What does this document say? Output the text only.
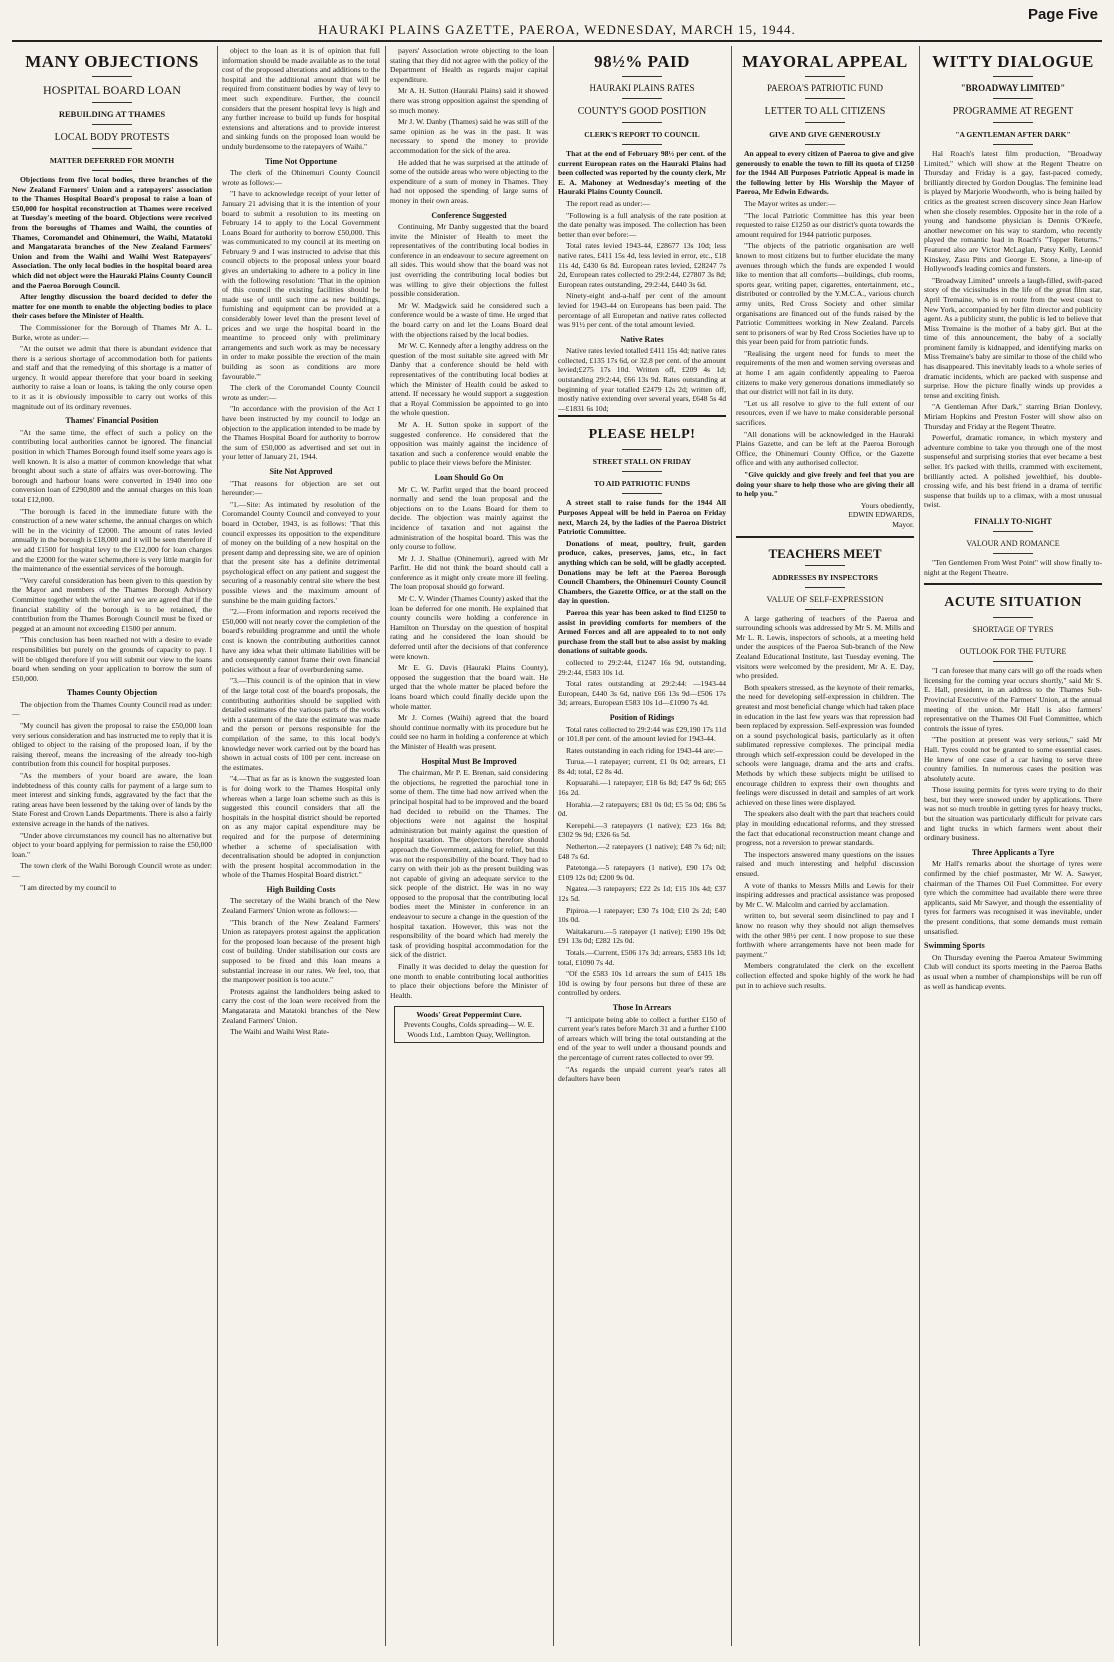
HAURAKI PLAINS GAZETTE, PAEROA, WEDNESDAY, MARCH 15, 1944.
Page Five
MANY OBJECTIONS
HOSPITAL BOARD LOAN
REBUILDING AT THAMES
LOCAL BODY PROTESTS
MATTER DEFERRED FOR MONTH

Objections from five local bodies, three branches of the New Zealand Farmers' Union and a ratepayers' association to the Thames Hospital Board's proposal to raise a loan of £50,000 for hospital reconstruction at Thames were received at Tuesday's meeting of the board. Objections were received from the boroughs of Thames and Waihi, the counties of Thames, Coromandel and Ohinemuri, the Waihi, Matatoki and Mangatarata branches of the New Zealand Farmers' Union and from the Waihi and Waihi West Ratepayers' Association. The only local bodies in the hospital board area which did not object were the Hauraki Plains County Council and the Paeroa Borough Council.

After lengthy discussion the board decided to defer the matter for one month to enable the objecting bodies to place their cases before the Minister of Health.

The Commissioner for the Borough of Thames Mr A. L. Burke, wrote as under:—

"At the outset we admit that there is abundant evidence that there is a serious shortage of accommodation both for patients and staff and that the remedying of this shortage is a matter of urgency. It would appear therefore that your board in seeking authority to raise a loan or loans, is taking the only course open to it as it is obviously impossible to carry out works of this magnitude out of its ordinary revenues.

Thames' Financial Position

"At the same time, the effect of such a policy on the contributing local authorities cannot be ignored. The financial position in which Thames Borough found itself some years ago is well known. It is also a matter of common knowledge that what brought about such a state of affairs was over-borrowing. The borough and harbour loans were converted in 1940 into one conversion loan of £290,800 and the annual charges on this loan total £12,000.

"The borough is faced in the immediate future with the construction of a new water scheme, the annual charges on which will be in the vicinity of £2000. The amount of rates levied annually in the borough is £18,000 and it will be seen therefore if we add £1500 for hospital levy to the £12,000 for loan charges and the £2000 for the water scheme,there is very little margin for the maintenance of the essential services of the borough.

"Very careful consideration has been given to this question by the Mayor and members of the Thames Borough Advisory Committee together with the writer and we are agreed that if the financial stability of the borough is to be retained, the contribution from the Thames Borough Council must be fixed or pegged at an amount not exceeding £1500 per annum.

"This conclusion has been reached not with a desire to evade responsibilities but purely on the grounds of capacity to pay. I will be obliged therefore if you will submit our view to the loans board when sending on your application to borrow the sum of £50,000.

Thames County Objection

The objection from the Thames County Council read as under:—

"My council has given the proposal to raise the £50,000 loan very serious consideration and has instructed me to reply that it is obliged to object to the raising of the proposed loan, if by the raising thereof, means the increasing of the already too-high contribution from this council for hospital purposes.

"As the members of your board are aware, the loan indebtedness of this county calls for payment of a large sum to meet interest and sinking funds, aggravated by the fact that the rating areas have been lessened by the taking over of lands by the State Forest and Crown Lands Departments. There is also a fairly extensive acreage in the hands of the natives.

"Under above circumstances my council has no alternative but object to your board applying for permission to raise the £50,000 loan."

The town clerk of the Waihi Borough Council wrote as under:—

"I am directed by my council to

object to the loan as it is of opinion that full information should be made available as to the total cost of the proposed alterations and additions to the hospital and the additional amount that will be required from constituent bodies by way of levy to meet such expenditure. Further, the council considers that the present hospital levy is high and any further increase to build up funds for hospital extensions and alterations and to provide interest and sinking funds on the proposed loan would be unduly burdensome to the ratepayers of Waihi."

Time Not Opportune

The clerk of the Ohinemuri County Council wrote as follows:—

"I have to acknowledge receipt of your letter of January 21 advising that it is the intention of your board to submit a resolution to its meeting on February 14 to apply to the Local Government Loans Board for authority to borrow £50,000. This was communicated to my council at its meeting on February 9 and I was instructed to advise that this council objects to the proposal unless your board gives an undertaking to adhere to a policy in line with the following resolution: 'That in the opinion of this council the existing facilities should be made use of until such time as new buildings, furnishing and equipment can be provided at a considerably lower level than the present level of prices and we urge the hospital board in the meantime to proceed only with preliminary arrangements and such work as may be necessary in order to make possible the erection of the main building as soon as conditions are more favourable.'"

The clerk of the Coromandel County Council wrote as under:—

"In accordance with the provision of the Act I have been instructed by my council to lodge an objection to the application intended to be made by the Thames Hospital Board for authority to borrow the sum of £50,000 as advertised and set out in your letter of January 21, 1944.

Site Not Approved

"That reasons for objection are set out hereunder:—

"1.—Site: As intimated by resolution of the Coromandel County Council and conveyed to your board in October, 1943, is as follows: 'That this council expresses its opposition to the expenditure of money on the building of a new hospital on the present damp and depressing site, we are of opinion that the present site has a definite detrimental psychological effect on any patient and suggest the securing of a reasonably central site where the best possible views and the maximum amount of sunshine be the main guiding factors.'

"2.—From information and reports received the £50,000 will not nearly cover the completion of the board's rebuilding programme and until the whole cost is known the contributing authorities cannot have any idea what their ultimate liabilities will be and consequently cannot frame their own financial policies without a fear of overburdening same.

"3.—This council is of the opinion that in view of the large total cost of the board's proposals, the contributing authorities should be supplied with detailed estimates of the various parts of the works with a statement of the date the estimate was made and the person or persons responsible for the compilation of the same, to this local body's knowledge never work carried out by the board has shown in actual costs of 100 per cent. increase on the estimates.

"4.—That as far as is known the suggested loan is for doing work to the Thames Hospital only whereas when a large loan scheme such as this is suggested this council considers that all the hospitals in the hospital district should be reported on as any major capital expenditure may be required and for the purpose of determining whether a scheme of specialisation with decentralisation should be adopted in conjunction with the present hospital accommodation in the whole of the Thames Hospital Board district."

High Building Costs

The secretary of the Waihi branch of the New Zealand Farmers' Union wrote as follows:—

"This branch of the New Zealand Farmers' Union as ratepayers protest against the application for the proposed loan because of the present high cost of building. Under stabilisation our costs are supposed to be fixed and this loan means a substantial increase in our rates. We feel, too, that the manpower position is too acute."

Protests against the landholders being asked to carry the cost of the loan were received from the Mangatarata and Matatoki branches of the New Zealand Farmers' Union.

The Waihi and Waihi West Rate-

payers' Association wrote objecting to the loan stating that they did not agree with the policy of the Department of Health as regards major capital expenditure.

Mr A. H. Sutton (Hauraki Plains) said it showed there was strong opposition against the spending of so much money.

Mr J. W. Danby (Thames) said he was still of the same opinion as he was in the past. It was necessary to spend the money to provide accommodation for the sick of the area.

He added that he was surprised at the attitude of some of the outside areas who were objecting to the expenditure of a sum of money in Thames. They had not opposed the spending of large sums of money in their own areas.

Conference Suggested

Continuing, Mr Danby suggested that the board invite the Minister of Health to meet the representatives of the contributing local bodies in conference in an endeavour to secure agreement on all sides. This would show that the board was not just overriding the contributing local bodies but was willing to give their objections the fullest possible consideration.

Mr W. Madgwick said he considered such a conference would be a waste of time. He urged that the board carry on and let the Loans Board deal with the objections raised by the local bodies.

Mr W. C. Kennedy after a lengthy address on the question of the most suitable site agreed with Mr Danby that a conference should be held with representatives of the contributing local bodies at which the Minister of Health could be asked to attend. If necessary he would support a suggestion that a Royal Commission be appointed to go into the whole question.

Mr A. H. Sutton spoke in support of the suggested conference. He considered that the opposition was mainly against the incidence of taxation and such a conference would enable the public to place their views before the Minister.

Loan Should Go On

Mr C. W. Parfitt urged that the board proceed normally and send the loan proposal and the objections on to the Loans Board for them to decide. The objection was mainly against the incidence of taxation and not against the administration of the hospital board. This was the only course to follow.

Mr J. J. Shallue (Ohinemuri), agreed with Mr Parfitt. He did not think the board should call a conference as it might only create more ill feeling. The loan proposal should go forward.

Mr C. V. Winder (Thames County) asked that the loan be deferred for one month. He explained that county councils were holding a conference in Hamilton on Thursday on the question of hospital rating and he considered the loan should be deferred until after the decisions of that conference were known.

Mr E. G. Davis (Hauraki Plains County), opposed the suggestion that the board wait. He urged that the whole matter be placed before the loans board which could finally decide upon the whole matter.

Mr J. Cornes (Waihi) agreed that the board should continue normally with its procedure but he could see no harm in holding a conference at which the Minister of Health was present.

Hospital Must Be Improved

The chairman, Mr P. E. Brenan, said considering the objections, he regretted the parochial tone in some of them. The time had now arrived when the principal hospital had to be improved and the board had decided to rebuild on the Thames. The objections were not against the hospital administration but mainly against the question of hospital taxation. The objectors therefore should approach the Government, asking for relief, but this was not the responsibility of the board. They had to carry on with their job as the present building was not capable of giving an adequate service to the sick people of the district. He was in no way opposed to the proposal that the contributing local bodies meet the Minister in conference in an endeavour to secure a change in the question of the hospital taxation. However, this was not the responsibility of the board which had merely the task of providing hospital accommodation for the sick of the district.

Finally it was decided to delay the question for one month to enable contributing local authorities to place their objections before the Minister of Health.

Woods' Great Peppermint Cure.
Prevents Coughs, Colds spreading— W. E. Woods Ltd., Lambton Quay, Wellington.
98½% PAID
HAURAKI PLAINS RATES
COUNTY'S GOOD POSITION
CLERK'S REPORT TO COUNCIL

That at the end of February 98½ per cent. of the current European rates on the Hauraki Plains had been collected was reported by the county clerk, Mr E. A. Mahoney at Wednesday's meeting of the Hauraki Plains County Council.

The report read as under:—

"Following is a full analysis of the rate position at the date penalty was imposed. The collection has been better than ever before:—

Total rates levied 1943-44, £28677 13s 10d; less native rates, £411 15s 4d, less levied in error, etc., £18 11s 4d, £430 6s 8d. European rates levied, £28247 7s 2d, European rates collected to 29:2:44, £27807 3s 8d; European rates outstanding, 29:2:44, £440 3s 6d.

Ninety-eight and-a-half per cent of the amount levied for 1943-44 on Europeans has been paid. The percentage of all Europetan and native rates collected was 91½ per cent. of the total amount levied.

Native Rates

Native rates levied totalled £411 15s 4d; native rates collected, £135 17s 6d, or 32.8 per cent. of the amount levied;£275 17s 10d. Written off, £209 4s 1d; outstanding 29:2:44, £66 13s 9d. Rates outstanding at beginning of year totalled £2479 12s 2d; written off, mostly native extending over several years, £648 5s 4d—£1831 6s 10d;

PLEASE HELP!
STREET STALL ON FRIDAY
TO AID PATRIOTIC FUNDS

A street stall to raise funds for the 1944 All Purposes Appeal will be held in Paeroa on Friday next, March 24, by the ladies of the Paeroa District Patriotic Committee.

Donations of meat, poultry, fruit, garden produce, cakes, preserves, jams, etc., in fact anything which can be sold, will be gladly accepted. Donations may be left at the Paeroa Borough Council Chambers, the Ohinemuri County Council Chambers, the Gazette Office, or at the stall on the day in question.

Paeroa this year has been asked to find £1250 to assist in providing comforts for members of the Armed Forces and all are appealed to to not only purchase from the stall but to also assist by making donations of suitable goods.

collected to 29:2:44, £1247 16s 9d, outstanding, 29:2:44, £583 10s 1d.

Total rates outstanding at 29:2:44: —1943-44 European, £440 3s 6d, native £66 13s 9d—£506 17s 3d; arrears, European £583 10s 1d—£1090 7s 4d.

Position of Ridings

Total rates collected to 29:2:44 was £29,190 17s 11d or 101.8 per cent. of the amount levied for 1943-44.

Rates outstanding in each riding for 1943-44 are:—

Turua.—1 ratepayer; current, £1 0s 0d; arrears, £1 8s 4d; total, £2 8s 4d.

Kopuarahi.—1 ratepayer; £18 6s 8d; £47 9s 6d; £65 16s 2d.

Horahia.—2 ratepayers; £81 0s 0d; £5 5s 0d; £86 5s 0d.

Kerepehi.—3 ratepayers (1 native); £23 16s 8d; £302 9s 9d; £326 6s 5d.

Netherton.—2 ratepayers (1 native); £48 7s 6d; nil; £48 7s 6d.

Patetonga.—5 ratepayers (1 native), £90 17s 0d; £109 12s 0d; £200 9s 0d.

Ngatea.—3 ratepayers; £22 2s 1d; £15 10s 4d; £37 12s 5d.

Pipiroa.—1 ratepayer; £30 7s 10d; £10 2s 2d; £40 10s 0d.

Waitakaruru.—5 ratepayer (1 native); £190 19s 0d; £91 13s 0d; £282 12s 0d.

Totals.—Current, £506 17s 3d; arrears, £583 10s 1d; total, £1090 7s 4d.

"Of the £583 10s 1d arrears the sum of £415 18s 10d is owing by four persons but three of these are controlled by orders.

Those In Arrears

"I anticipate being able to collect a further £150 of current year's rates before March 31 and a further £100 of arrears which will bring the total outstanding at the end of the year to well under a thousand pounds and the percentage of current rates collected to over 99.

"As regards the unpaid current year's rates all defaulters have been

MAYORAL APPEAL
PAEROA'S PATRIOTIC FUND
LETTER TO ALL CITIZENS
GIVE AND GIVE GENEROUSLY

An appeal to every citizen of Paeroa to give and give generously to enable the town to fill its quota of £1250 for the 1944 All Purposes Patriotic Appeal is made in the following letter by His Worship the Mayor of Paeroa, Mr Edwin Edwards.

The Mayor writes as under:—

"The local Patriotic Committee has this year been requested to raise £1250 as our district's quota towards the amount required for 1944 patriotic purposes.

"The objects of the patriotic organisation are well known to most citizens but to further elucidate the many avenues through which the funds are expended I would like to mention that all comforts—buildings, club rooms, sports gear, writing paper, cigarettes, entertainment, etc., distributed or controlled by the Y.M.C.A., various church army units, Red Cross Society and other similar organisations are financed out of the funds raised by the Patriotic Committees working in New Zealand. Parcels sent to prisoners of war by Red Cross Societies have up to this year been paid for from patriotic funds.

"Realising the urgent need for funds to meet the requirements of the men and women serving overseas and at home I am again confidently appealing to Paeroa citizens to make very generous donations immediately so that our district will not fail in its duty.

"Let us all resolve to give to the full extent of our resources, even if we have to make considerable personal sacrifices.

"All donations will be acknowledged in the Hauraki Plains Gazette, and can be left at the Paeroa Borough Office, the Ohinemuri County Office, or the Gazette office and with any authorised collector.

"Give quickly and give freely and feel that you are doing your share to help those who are giving their all to help you."

Yours obediently,
EDWIN EDWARDS,
Mayor.
TEACHERS MEET
ADDRESSES BY INSPECTORS
VALUE OF SELF-EXPRESSION

A large gathering of teachers of the Paeroa and surrounding schools was addressed by Mr S. M. Mills and Mr L. R. Lewis, inspectors of schools, at a meeting held under the auspices of the Paeroa Sub-branch of the New Zealand Educational Institute, last Tuesday evening. The visitors were welcomed by the president, Mr A. E. Day, who presided.

Both speakers stressed, as the keynote of their remarks, the need for developing self-expression in children. The greatest and most beneficial change which had taken place in education in the last few years was that repression had been replaced by expression. Self-expression was founded on a sound psychological basis, particularly as it often sublimated repressive complexes. The principal media through which self-expression could be developed in the schools were language, drama and the arts and crafts. Methods by which these subjects might be utilised to encourage children to express their own thoughts and feelings were discussed in detail and samples of art work achieved on these lines were displayed.

The speakers also dealt with the part that teachers could play in moulding educational reforms, and they stressed the fact that educational reconstruction meant change and progress, not a reversion to prewar standards.

The inspectors answered many questions on the issues raised and much interesting and helpful discussion ensued.

A vote of thanks to Messrs Mills and Lewis for their inspiring addresses and practical assistance was proposed by Mr C. W. Malcolm and carried by acclamation.

written to, but several seem disinclined to pay and I know no reason why they should not align themselves with the other 98½ per cent. I now propose to sue these forthwith where arrangements have not been made for payment."

Members congratulated the clerk on the excellent collection effected and spoke highly of the work he had put in to achieve such results.

WITTY DIALOGUE
"BROADWAY LIMITED"
PROGRAMME AT REGENT
"A GENTLEMAN AFTER DARK"

Hal Roach's latest film production, "Broadway Limited," which will show at the Regent Theatre on Thursday and Friday is a gay, fast-paced comedy, brilliantly directed by Gordon Douglas. The feminine lead is played by Marjorie Woodworth, who is being hailed by critics as the greatest screen discovery since Jean Harlow when she closely resembles. Opposite her in the role of a young and handsome physician is Dennis O'Keefe, another newcomer on his way to stardom, who recently played the romantic lead in Roach's "Topper Returns." Featured also are Victor McLaglan, Patsy Kelly, Leonid Kinskey, Zasu Pitts and George E. Stone, a line-up of Hollywood's leading comics and funsters.

"Broadway Limited" unreels a laugh-filled, swift-paced story of the vicissitudes in the life of the great film star, April Tremaine, who is en route from the west coast to New York, accompanied by her film director and publicity agent. As a publicity stunt, the public is led to believe that Miss Tremaine is the mother of a baby girl. But at the time of this announcement, the baby of a socially prominent family is kidnapped, and identifying marks on Miss Tremaine's baby are similar to those of the child who has disappeared. This inevitably leads to a whole series of dramatic incidents, which are packed with suspense and surprise. How the picture finally winds up provides a tense and exciting finish.

"A Gentleman After Dark," starring Brian Donlevy, Miriam Hopkins and Preston Foster will show also on Thursday and Friday at the Regent Theatre.

Powerful, dramatic romance, in which mystery and adventure combine to take you through one of the most suspenseful and surprising stories that ever became a best seller. It's packed with thrills, crammed with excitement, brilliantly acted. A polished jewelthief, his double-crossing wife, and his best friend in a drama of terrific suspense that builds up to a climax, with a most unusual twist.

FINALLY TO-NIGHT
VALOUR AND ROMANCE

"Ten Gentlemen From West Point" will show finally to-night at the Regent Theatre.

ACUTE SITUATION
SHORTAGE OF TYRES
OUTLOOK FOR THE FUTURE

"I can foresee that many cars will go off the roads when licensing for the coming year occurs shortly," said Mr S. E. Hall, president, in an address to the Thames Sub-Provincial Executive of the Farmers' Union, at the annual meeting of the union. Mr Hall is also farmers' representative on the Thames Oil Fuel Committee, which controls the issue of tyres.

"The position at present was very serious," said Mr Hall. Tyres could not be granted to some essential cases. He knew of one case of a car having to serve three country families. In numerous cases the position was absolutely acute.

Those issuing permits for tyres were trying to do their best, but they were snowed under by applications. There was not so much trouble in getting tyres for heavy trucks, but the situation was particularly difficult for private cars and light trucks in which farmers went about their ordinary business.

Three Applicants a Tyre

Mr Hall's remarks about the shortage of tyres were confirmed by the chief postmaster, Mr W. A. Sawyer, chairman of the Thames Oil Fuel Committee. For every tyre which the committee had available there were three applicants, said Mr Sawyer, and though the essentiality of tyres for farmers was recognised it was inevitable, under the present conditions, that some demands must remain unsatisfied.

Swimming Sports

On Thursday evening the Paeroa Amateur Swimming Club will conduct its sports meeting in the Paeroa Baths as usual when a number of championships will be run off as well as handicap events.
